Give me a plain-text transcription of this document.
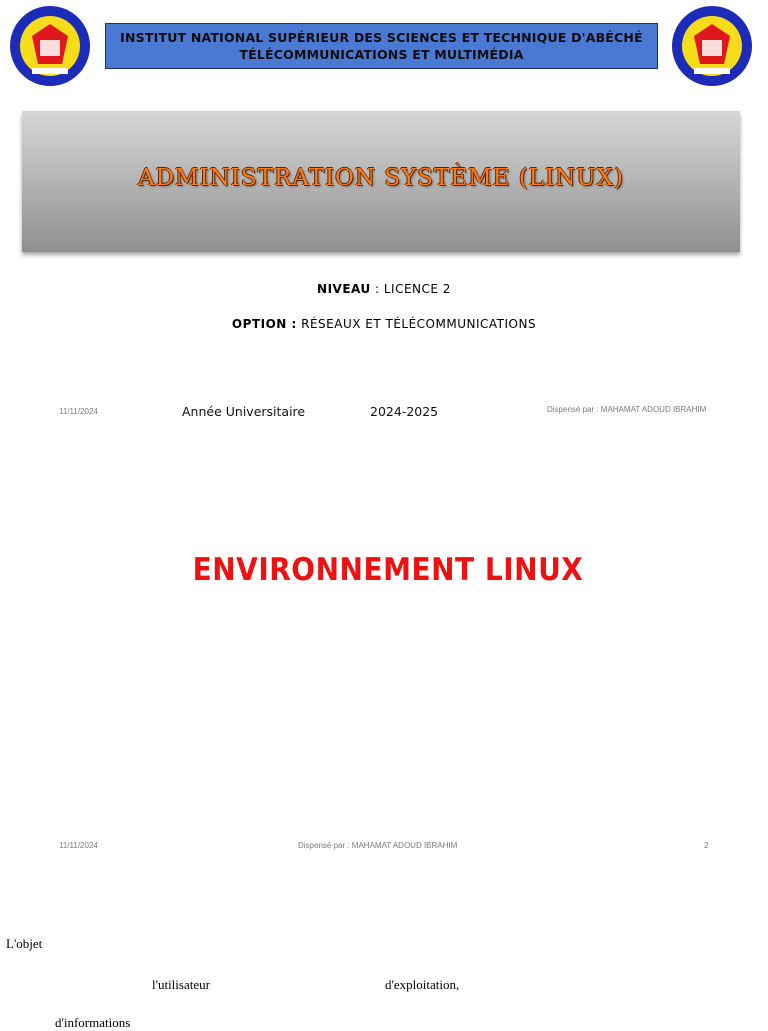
INSTITUT NATIONAL SUPÉRIEUR DES SCIENCES ET TECHNIQUE D'ABÉCHÉ
TÉLÉCOMMUNICATIONS ET MULTIMÉDIA
ADMINISTRATION SYSTÈME (LINUX)
NIVEAU : LICENCE 2
OPTION : RÉSEAUX ET TÉLÉCOMMUNICATIONS
11/11/2024	Année Universitaire	2024-2025	Dispensé par : MAHAMAT ADOUD IBRAHIM
ENVIRONNEMENT LINUX
11/11/2024	Dispensé par : MAHAMAT ADOUD IBRAHIM	2
L'objet
l'utilisateur	d'exploitation,
d'informations
